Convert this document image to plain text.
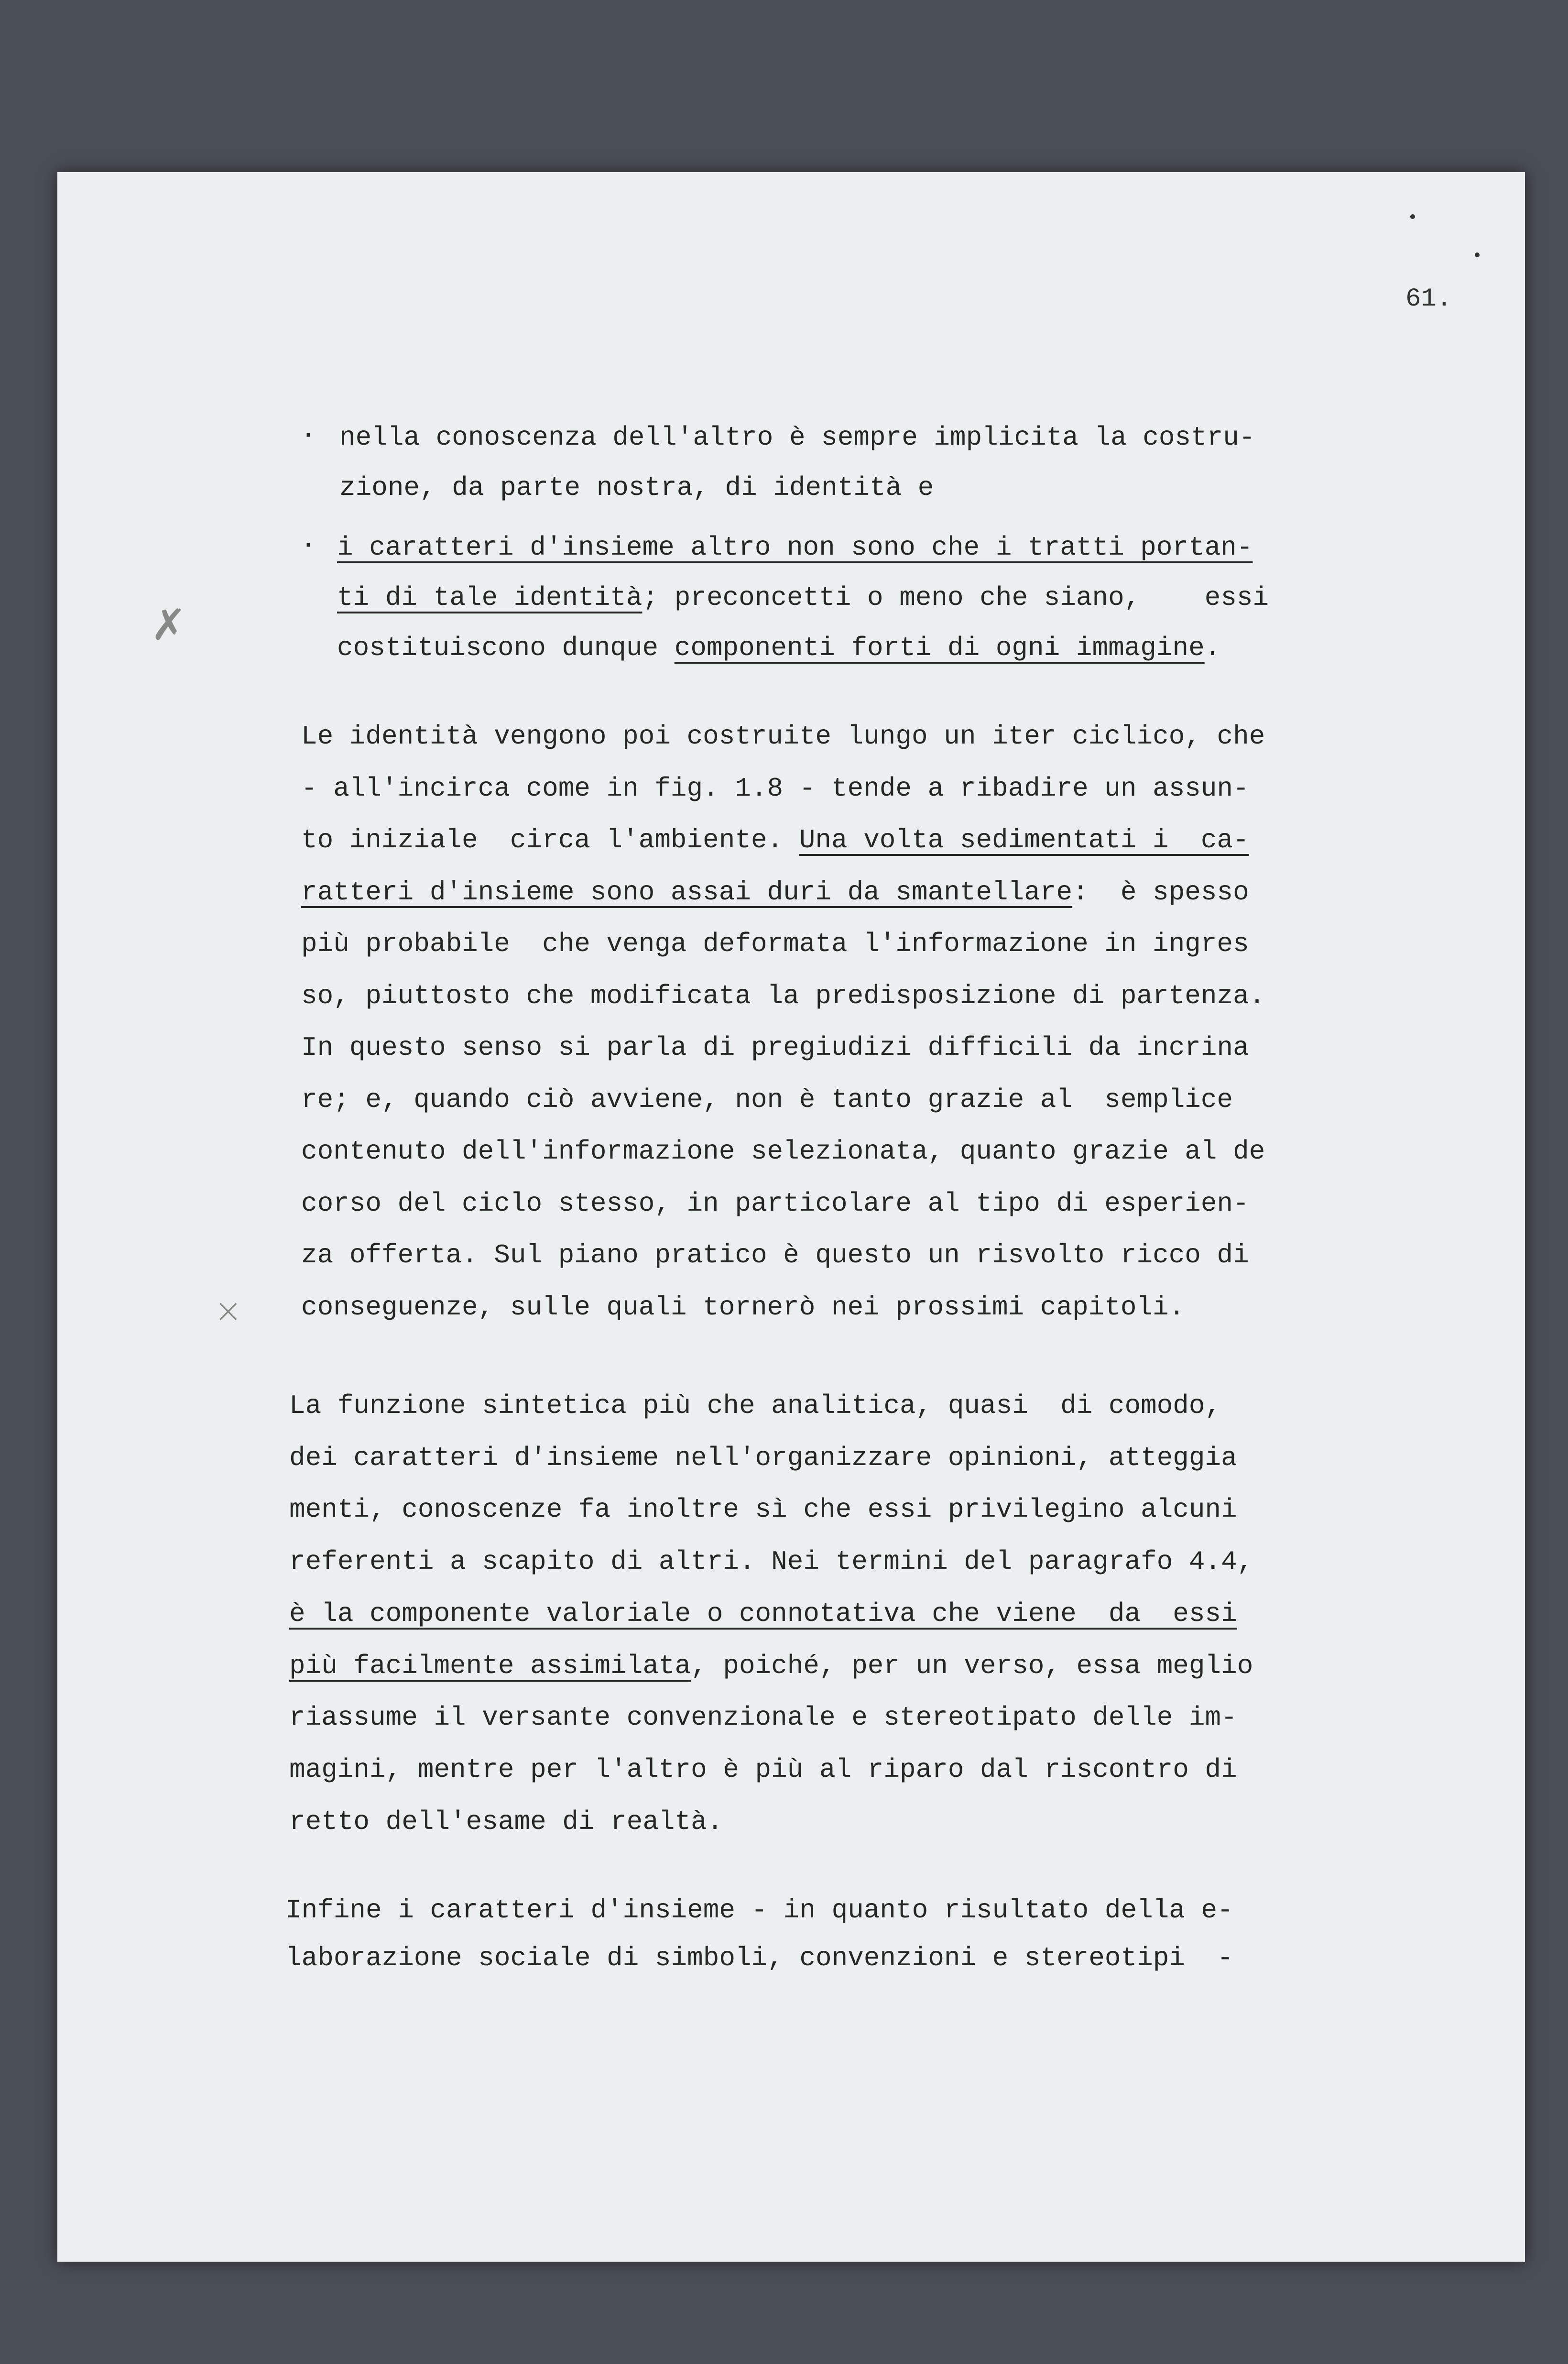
61.
✗
×
· nella conoscenza dell'altro è sempre implicita la costru-
zione, da parte nostra, di identità e
· i caratteri d'insieme altro non sono che i tratti portan-
ti di tale identità; preconcetti o meno che siano,    essi
costituiscono dunque componenti forti di ogni immagine.
Le identità vengono poi costruite lungo un iter ciclico, che
- all'incirca come in fig. 1.8 - tende a ribadire un assun-
to iniziale  circa l'ambiente. Una volta sedimentati i  ca-
ratteri d'insieme sono assai duri da smantellare:  è spesso
più probabile  che venga deformata l'informazione in ingres
so, piuttosto che modificata la predisposizione di partenza.
In questo senso si parla di pregiudizi difficili da incrina
re; e, quando ciò avviene, non è tanto grazie al  semplice
contenuto dell'informazione selezionata, quanto grazie al de
corso del ciclo stesso, in particolare al tipo di esperien-
za offerta. Sul piano pratico è questo un risvolto ricco di
conseguenze, sulle quali tornerò nei prossimi capitoli.
La funzione sintetica più che analitica, quasi  di comodo,
dei caratteri d'insieme nell'organizzare opinioni, atteggia
menti, conoscenze fa inoltre sì che essi privilegino alcuni
referenti a scapito di altri. Nei termini del paragrafo 4.4,
è la componente valoriale o connotativa che viene  da  essi
più facilmente assimilata, poiché, per un verso, essa meglio
riassume il versante convenzionale e stereotipato delle im-
magini, mentre per l'altro è più al riparo dal riscontro di
retto dell'esame di realtà.
Infine i caratteri d'insieme - in quanto risultato della e-
laborazione sociale di simboli, convenzioni e stereotipi  -
